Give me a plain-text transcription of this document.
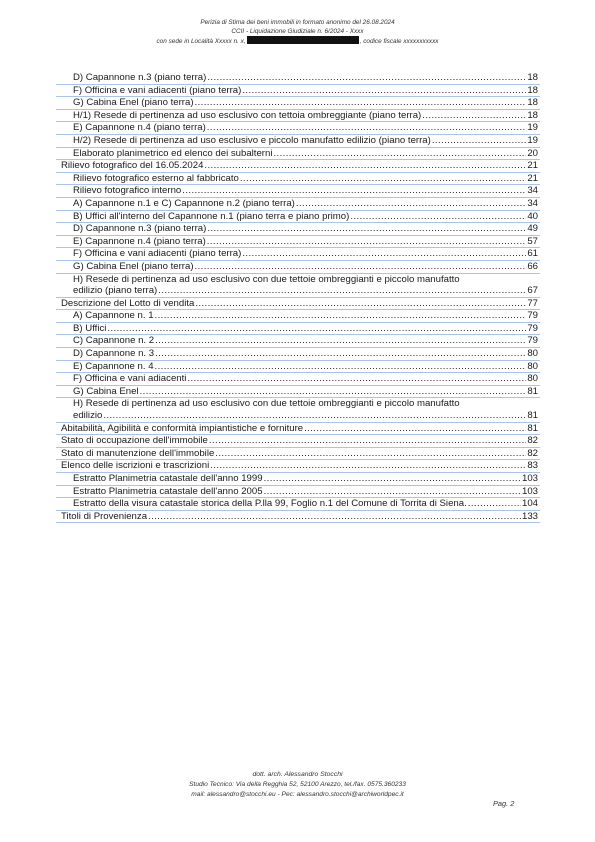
Perizia di Stima dei beni immobili in formato anonimo del 26.08.2024
CCII - Liquidazione Giudiziale n. 6/2024 - Xxxx
con sede in Località Xxxxx n. x,	, codice fiscale xxxxxxxxxxx
D) Capannone n.3 (piano terra) .....	18
F) Officina e vani adiacenti (piano terra) .....	18
G) Cabina Enel (piano terra) .....	18
H/1) Resede di pertinenza ad uso esclusivo con tettoia ombreggiante (piano terra) .....	18
E) Capannone n.4 (piano terra) .....	19
H/2) Resede di pertinenza ad uso esclusivo e piccolo manufatto edilizio (piano terra) .....	19
Elaborato planimetrico ed elenco dei subalterni .....	20
Rilievo fotografico del 16.05.2024 .....	21
Rilievo fotografico esterno al fabbricato .....	21
Rilievo fotografico interno .....	34
A) Capannone n.1 e C) Capannone n.2 (piano terra) .....	34
B) Uffici all'interno del Capannone n.1 (piano terra e piano primo) .....	40
D) Capannone n.3 (piano terra) .....	49
E) Capannone n.4 (piano terra) .....	57
F) Officina e vani adiacenti (piano terra) .....	61
G) Cabina Enel (piano terra) .....	66
H) Resede di pertinenza ad uso esclusivo con due tettoie ombreggianti e piccolo manufatto
edilizio (piano terra) .....	67
Descrizione del Lotto di vendita .....	77
A) Capannone n. 1 .....	79
B) Uffici .....	79
C) Capannone n. 2 .....	79
D) Capannone n. 3 .....	80
E) Capannone n. 4 .....	80
F) Officina e vani adiacenti .....	80
G) Cabina Enel .....	81
H) Resede di pertinenza ad uso esclusivo con due tettoie ombreggianti e piccolo manufatto
edilizio .....	81
Abitabilità, Agibilità e conformità impiantistiche e forniture .....	81
Stato di occupazione dell'immobile .....	82
Stato di manutenzione dell'immobile .....	82
Elenco delle iscrizioni e trascrizioni .....	83
Estratto Planimetria catastale dell'anno 1999 .....	103
Estratto Planimetria catastale dell'anno 2005 .....	103
Estratto della visura catastale storica della P.lla 99, Foglio n.1 del Comune di Torrita di Siena. .....	104
Titoli di Provenienza .....	133
dott. arch. Alessandro Stocchi
Studio Tecnico: Via della Regghia 52, 52100 Arezzo, tel./fax. 0575.360233
mail: alessandro@stocchi.eu - Pec: alessandro.stocchi@archiworldpec.it
Pag. 2
